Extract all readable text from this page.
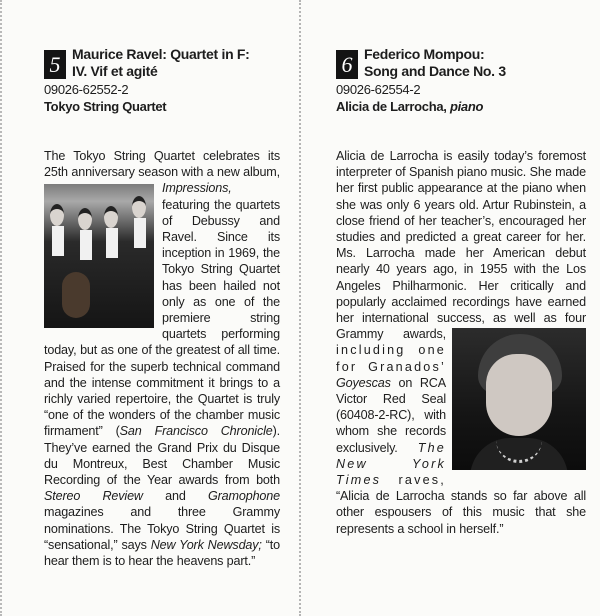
5 Maurice Ravel: Quartet in F:
IV. Vif et agité
09026-62552-2
Tokyo String Quartet
The Tokyo String Quartet celebrates its 25th anniversary season with a new album,
Impressions, featuring the quartets of Debussy and Ravel. Since its inception in 1969, the Tokyo String Quartet has been hailed not only as one of the premiere string quartets performing today, but as one of the greatest of all time. Praised for the superb technical command and the intense commitment it brings to a richly varied repertoire, the Quartet is truly “one of the wonders of the chamber music firmament” (San Francisco Chronicle). They’ve earned the Grand Prix du Disque du Montreux, Best Chamber Music Recording of the Year awards from both Stereo Review and Gramophone magazines and three Grammy nominations. The Tokyo String Quartet is “sensational,” says New York Newsday; “to hear them is to hear the heavens part.”
6 Federico Mompou:
Song and Dance No. 3
09026-62554-2
Alicia de Larrocha, piano
Alicia de Larrocha is easily today’s foremost interpreter of Spanish piano music. She made her first public appearance at the piano when she was only 6 years old. Artur Rubinstein, a close friend of her teacher’s, encouraged her studies and predicted a great career for her. Ms. Larrocha made her American debut nearly 40 years ago, in 1955 with the Los Angeles Philharmonic. Her critically and popularly acclaimed recordings have earned her international success, as well as four Grammy awards,
including one for Granados’ Goyescas on RCA Victor Red Seal (60408-2-RC), with whom she records exclusively. The New York Times raves, “Alicia de Larrocha stands so far above all other espousers of this music that she represents a school in herself.”
